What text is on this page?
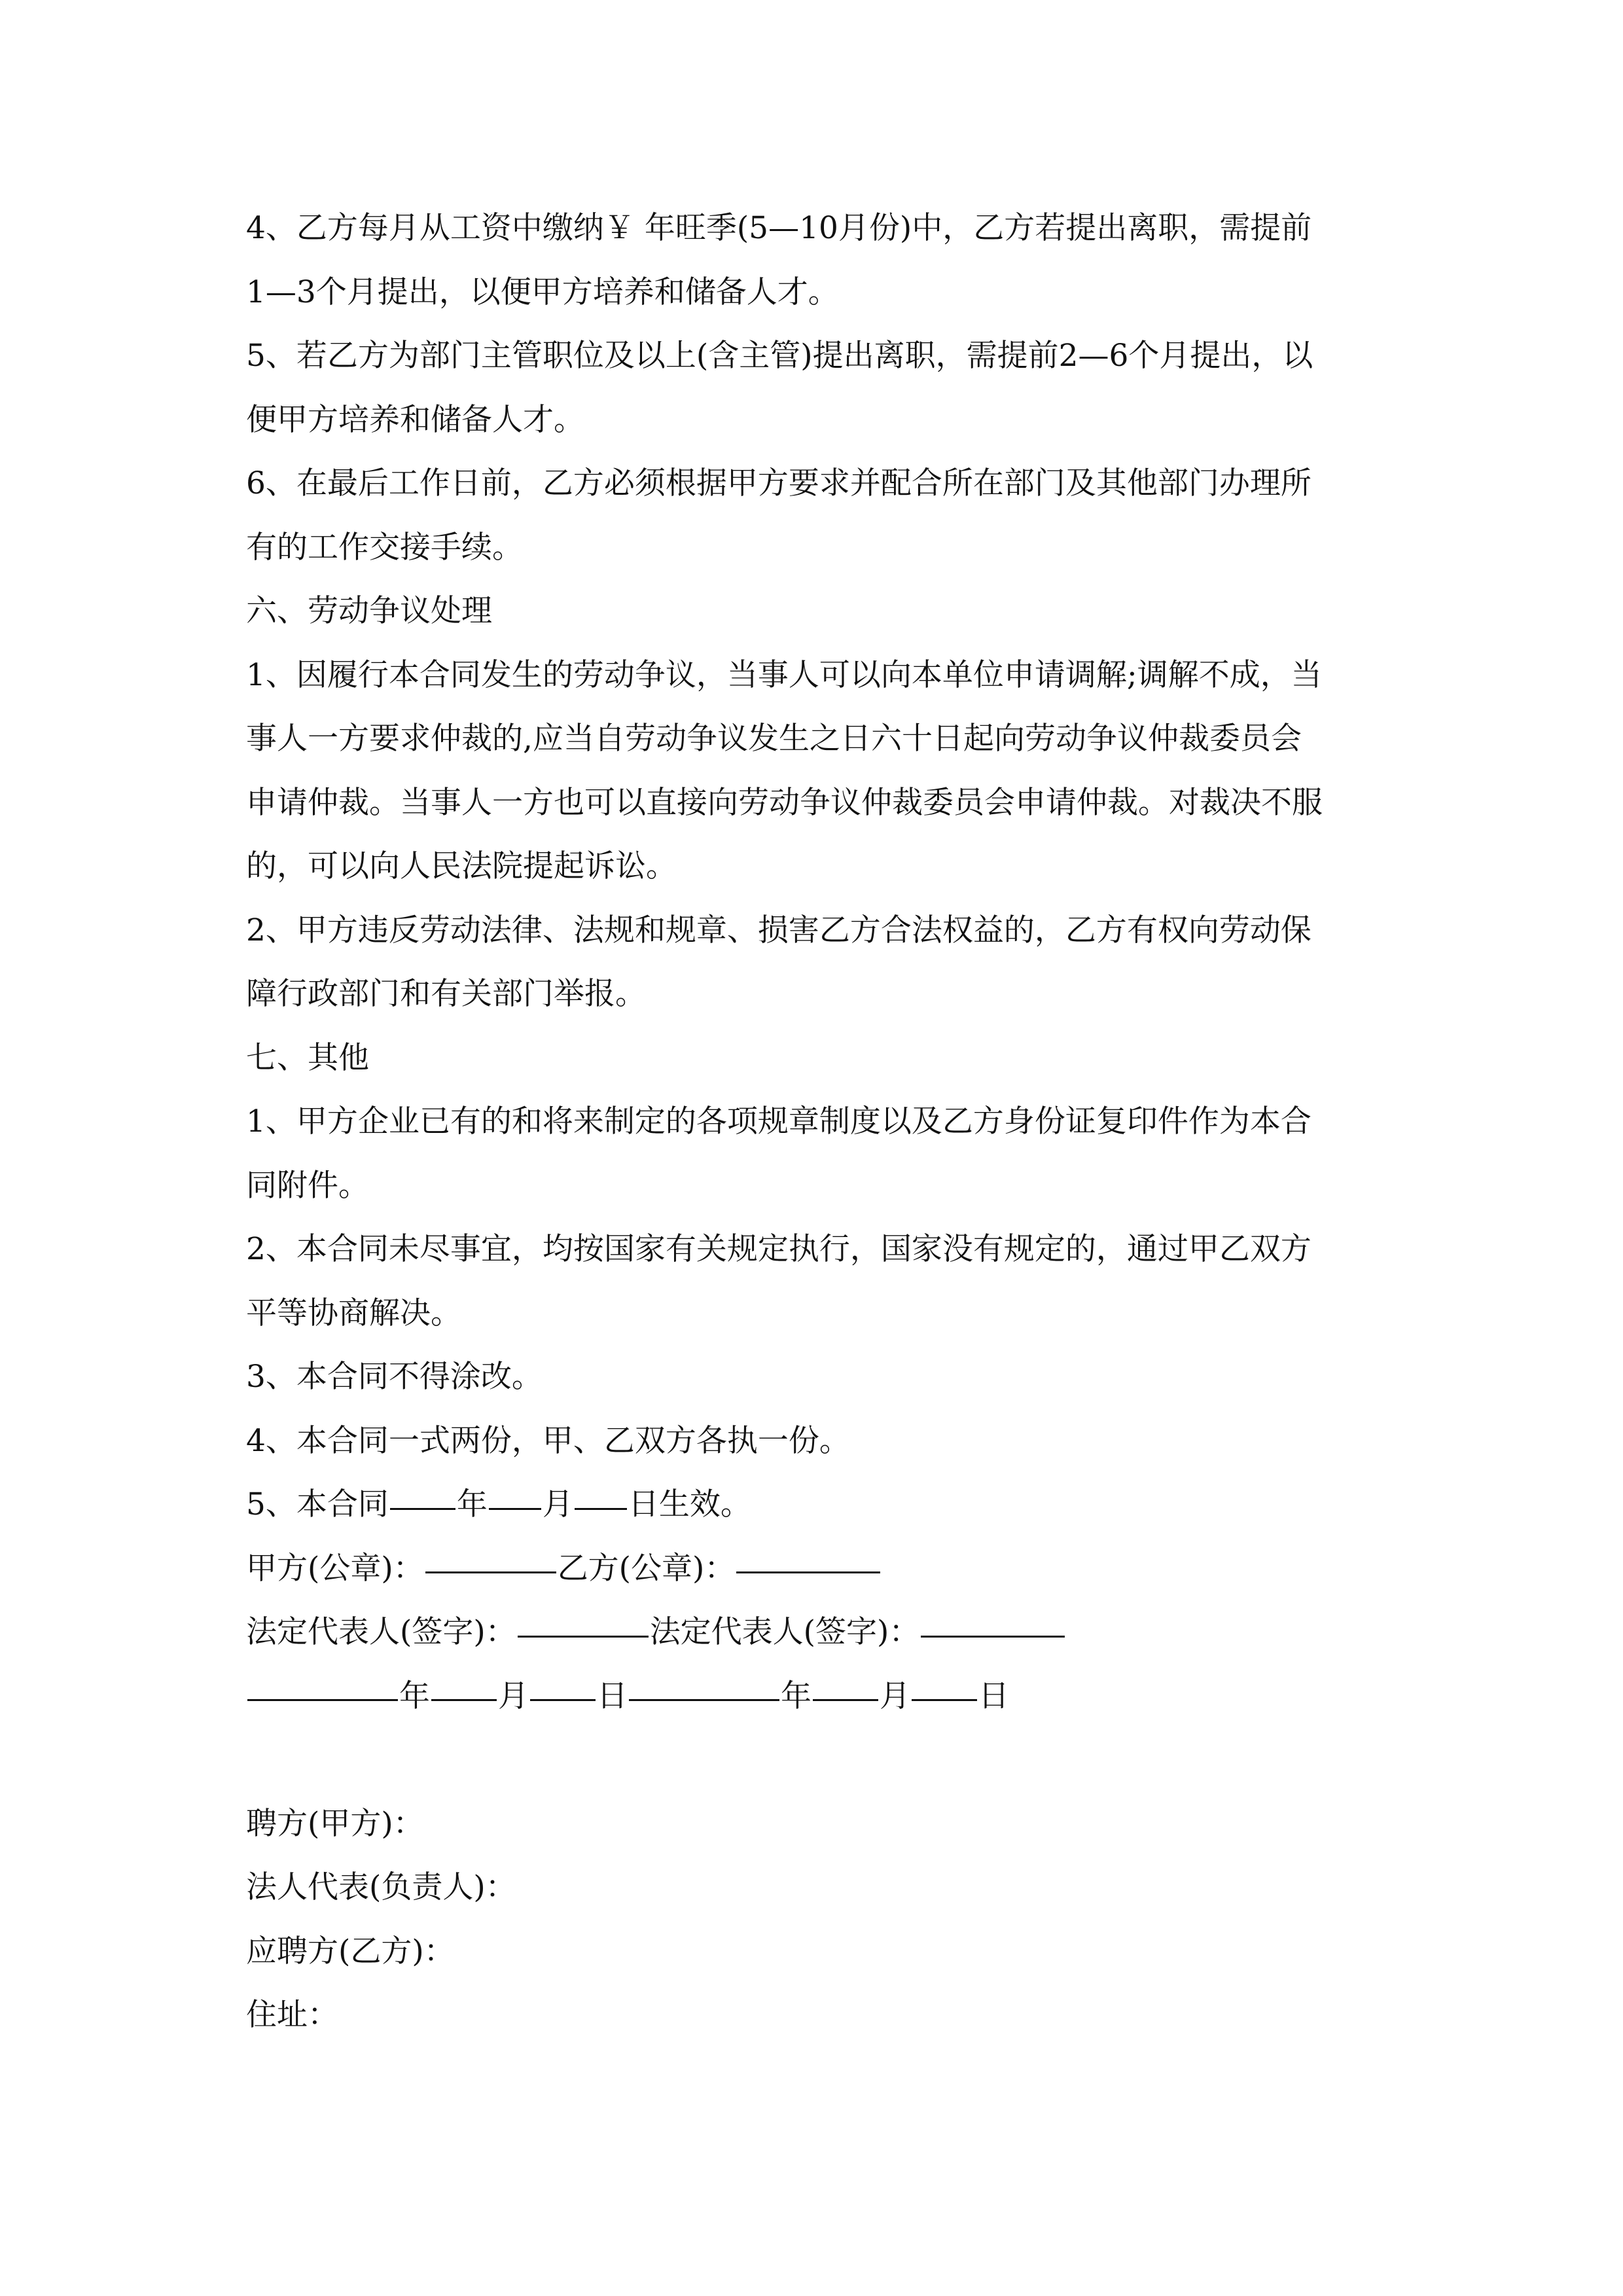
4、乙方每月从工资中缴纳￥ 年旺季(5—10月份)中，乙方若提出离职，需提前

1—3个月提出，以便甲方培养和储备人才。

5、若乙方为部门主管职位及以上(含主管)提出离职，需提前2—6个月提出，以

便甲方培养和储备人才。

6、在最后工作日前，乙方必须根据甲方要求并配合所在部门及其他部门办理所

有的工作交接手续。

六、劳动争议处理

1、因履行本合同发生的劳动争议，当事人可以向本单位申请调解;调解不成，当

事人一方要求仲裁的,应当自劳动争议发生之日六十日起向劳动争议仲裁委员会

申请仲裁。当事人一方也可以直接向劳动争议仲裁委员会申请仲裁。对裁决不服

的，可以向人民法院提起诉讼。

2、甲方违反劳动法律、法规和规章、损害乙方合法权益的，乙方有权向劳动保

障行政部门和有关部门举报。

七、其他

1、甲方企业已有的和将来制定的各项规章制度以及乙方身份证复印件作为本合

同附件。

2、本合同未尽事宜，均按国家有关规定执行，国家没有规定的，通过甲乙双方

平等协商解决。

3、本合同不得涂改。

4、本合同一式两份，甲、乙双方各执一份。

5、本合同 年 月 日生效。

甲方(公章)：	乙方(公章)：

法定代表人(签字)：	法定代表人(签字)：

年 月 日	年 月 日

聘方(甲方)：

法人代表(负责人)：

应聘方(乙方)：

住址：
